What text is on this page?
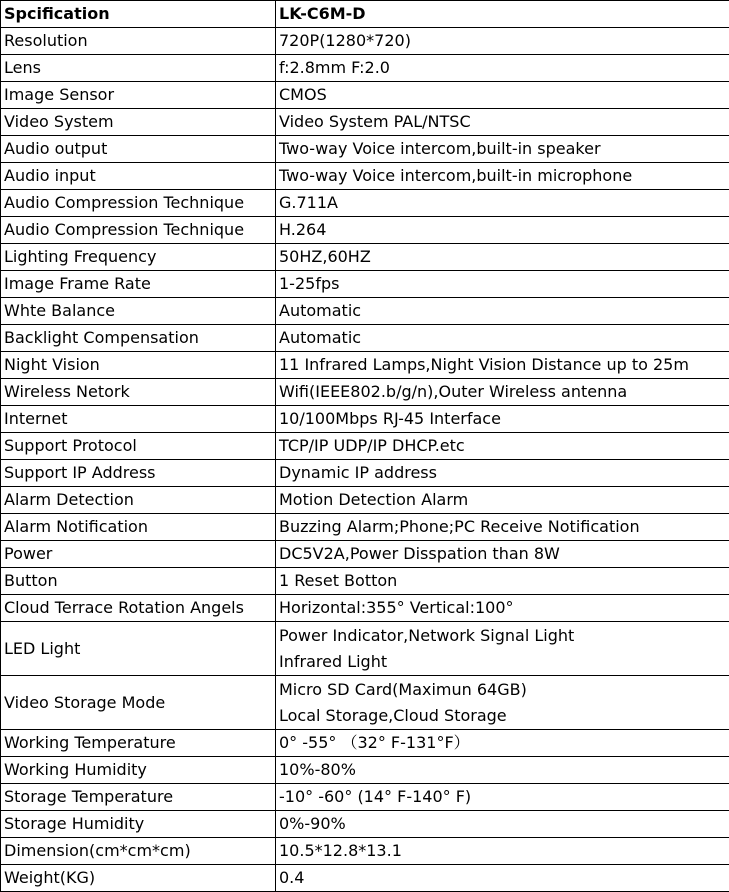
Spcification	LK-C6M-D
Resolution	720P(1280*720)

Lens	f:2.8mm F:2.0

Image Sensor	CMOS

Video System	Video System PAL/NTSC

Audio output	Two-way Voice intercom,built-in speaker

Audio input	Two-way Voice intercom,built-in microphone

Audio Compression Technique	G.711A

Audio Compression Technique	H.264

Lighting Frequency	50HZ,60HZ

Image Frame Rate	1-25fps

Whte Balance	Automatic

Backlight Compensation	Automatic

Night Vision	11 Infrared Lamps,Night Vision Distance up to 25m

Wireless Netork	Wifi(IEEE802.b/g/n),Outer Wireless antenna

Internet	10/100Mbps RJ-45 Interface

Support Protocol	TCP/IP UDP/IP DHCP.etc

Support IP Address	Dynamic IP address

Alarm Detection	Motion Detection Alarm

Alarm Notification	Buzzing Alarm;Phone;PC Receive Notification

Power	DC5V2A,Power Disspation than 8W

Button	1 Reset Botton

Cloud Terrace Rotation Angels	Horizontal:355° Vertical:100°

LED Light	Power Indicator,Network Signal Light
Infrared Light

Video Storage Mode	Micro SD Card(Maximun 64GB)
Local Storage,Cloud Storage

Working Temperature	0° -55° （32° F-131°F）

Working Humidity	10%-80%

Storage Temperature	-10° -60° (14° F-140° F)

Storage Humidity	0%-90%

Dimension(cm*cm*cm)	10.5*12.8*13.1

Weight(KG)	0.4
